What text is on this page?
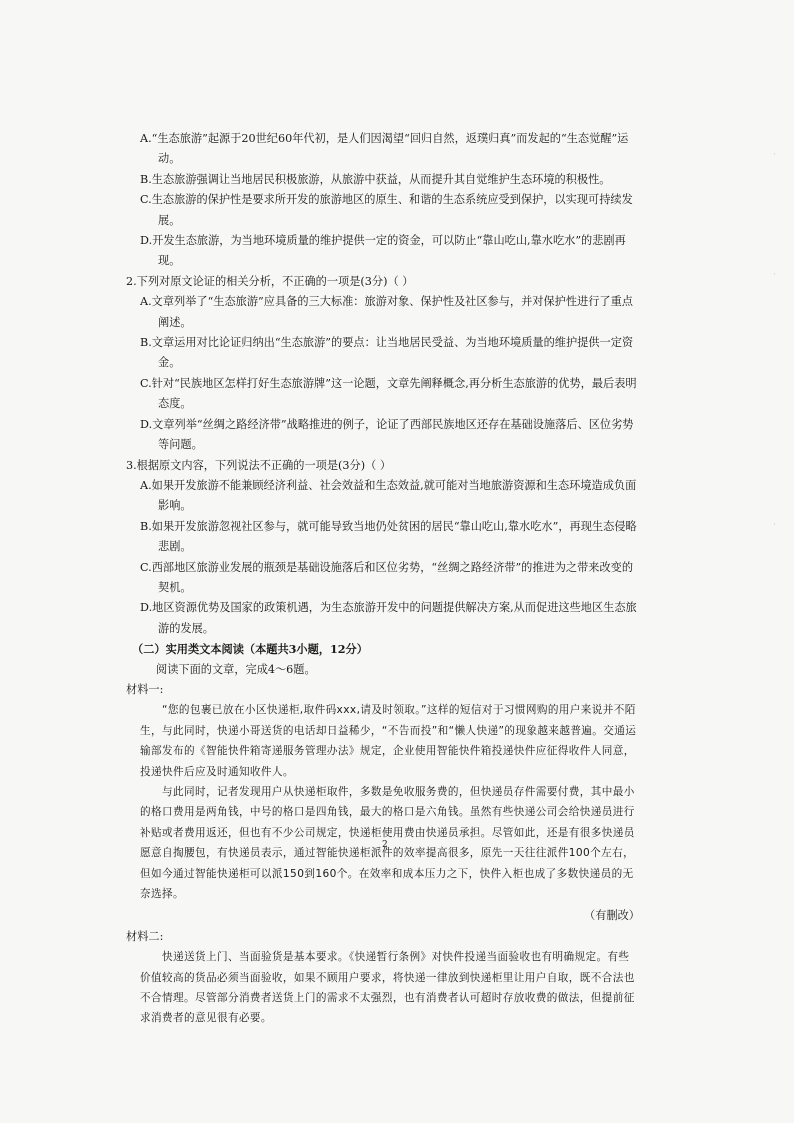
·
·
·
A.“生态旅游”起源于20世纪60年代初，是人们因渴望“回归自然，返璞归真”而发起的“生态觉醒”运动。
B.生态旅游强调让当地居民积极旅游，从旅游中获益，从而提升其自觉维护生态环境的积极性。
C.生态旅游的保护性是要求所开发的旅游地区的原生、和谐的生态系统应受到保护，以实现可持续发展。
D.开发生态旅游，为当地环境质量的维护提供一定的资金，可以防止“靠山吃山,靠水吃水”的悲剧再现。
2.下列对原文论证的相关分析，不正确的一项是(3分)（ ）
A.文章列举了“生态旅游”应具备的三大标准：旅游对象、保护性及社区参与，并对保护性进行了重点阐述。
B.文章运用对比论证归纳出“生态旅游”的要点：让当地居民受益、为当地环境质量的维护提供一定资金。
C.针对“民族地区怎样打好生态旅游牌”这一论题，文章先阐释概念,再分析生态旅游的优势，最后表明态度。
D.文章列举“丝绸之路经济带”战略推进的例子，论证了西部民族地区还存在基础设施落后、区位劣势等问题。
3.根据原文内容，下列说法不正确的一项是(3分)（ ）
A.如果开发旅游不能兼顾经济利益、社会效益和生态效益,就可能对当地旅游资源和生态环境造成负面影响。
B.如果开发旅游忽视社区参与，就可能导致当地仍处贫困的居民“靠山吃山,靠水吃水”，再现生态侵略悲剧。
C.西部地区旅游业发展的瓶颈是基础设施落后和区位劣势，“丝绸之路经济带”的推进为之带来改变的契机。
D.地区资源优势及国家的政策机遇，为生态旅游开发中的问题提供解决方案,从而促进这些地区生态旅游的发展。
（二）实用类文本阅读（本题共3小题，12分）
阅读下面的文章，完成4～6题。
材料一:
“您的包裹已放在小区快递柜,取件码xxx,请及时领取。”这样的短信对于习惯网购的用户来说并不陌生，与此同时，快递小哥送货的电话却日益稀少，“不告而投”和“懒人快递”的现象越来越普遍。交通运输部发布的《智能快件箱寄递服务管理办法》规定，企业使用智能快件箱投递快件应征得收件人同意，投递快件后应及时通知收件人。
与此同时，记者发现用户从快递柜取件，多数是免收服务费的，但快递员存件需要付费，其中最小的格口费用是两角钱，中号的格口是四角钱，最大的格口是六角钱。虽然有些快递公司会给快递员进行补贴或者费用返还，但也有不少公司规定，快递柜使用费由快递员承担。尽管如此，还是有很多快递员愿意自掏腰包，有快递员表示，通过智能快递柜派件的效率提高很多，原先一天往往派件100个左右，但如今通过智能快递柜可以派150到160个。在效率和成本压力之下，快件入柜也成了多数快递员的无奈选择。
（有删改）
材料二:
快递送货上门、当面验货是基本要求。《快递暂行条例》对快件投递当面验收也有明确规定。有些价值较高的货品必须当面验收，如果不顾用户要求，将快递一律放到快递柜里让用户自取，既不合法也不合情理。尽管部分消费者送货上门的需求不太强烈，也有消费者认可超时存放收费的做法，但提前征求消费者的意见很有必要。
2
